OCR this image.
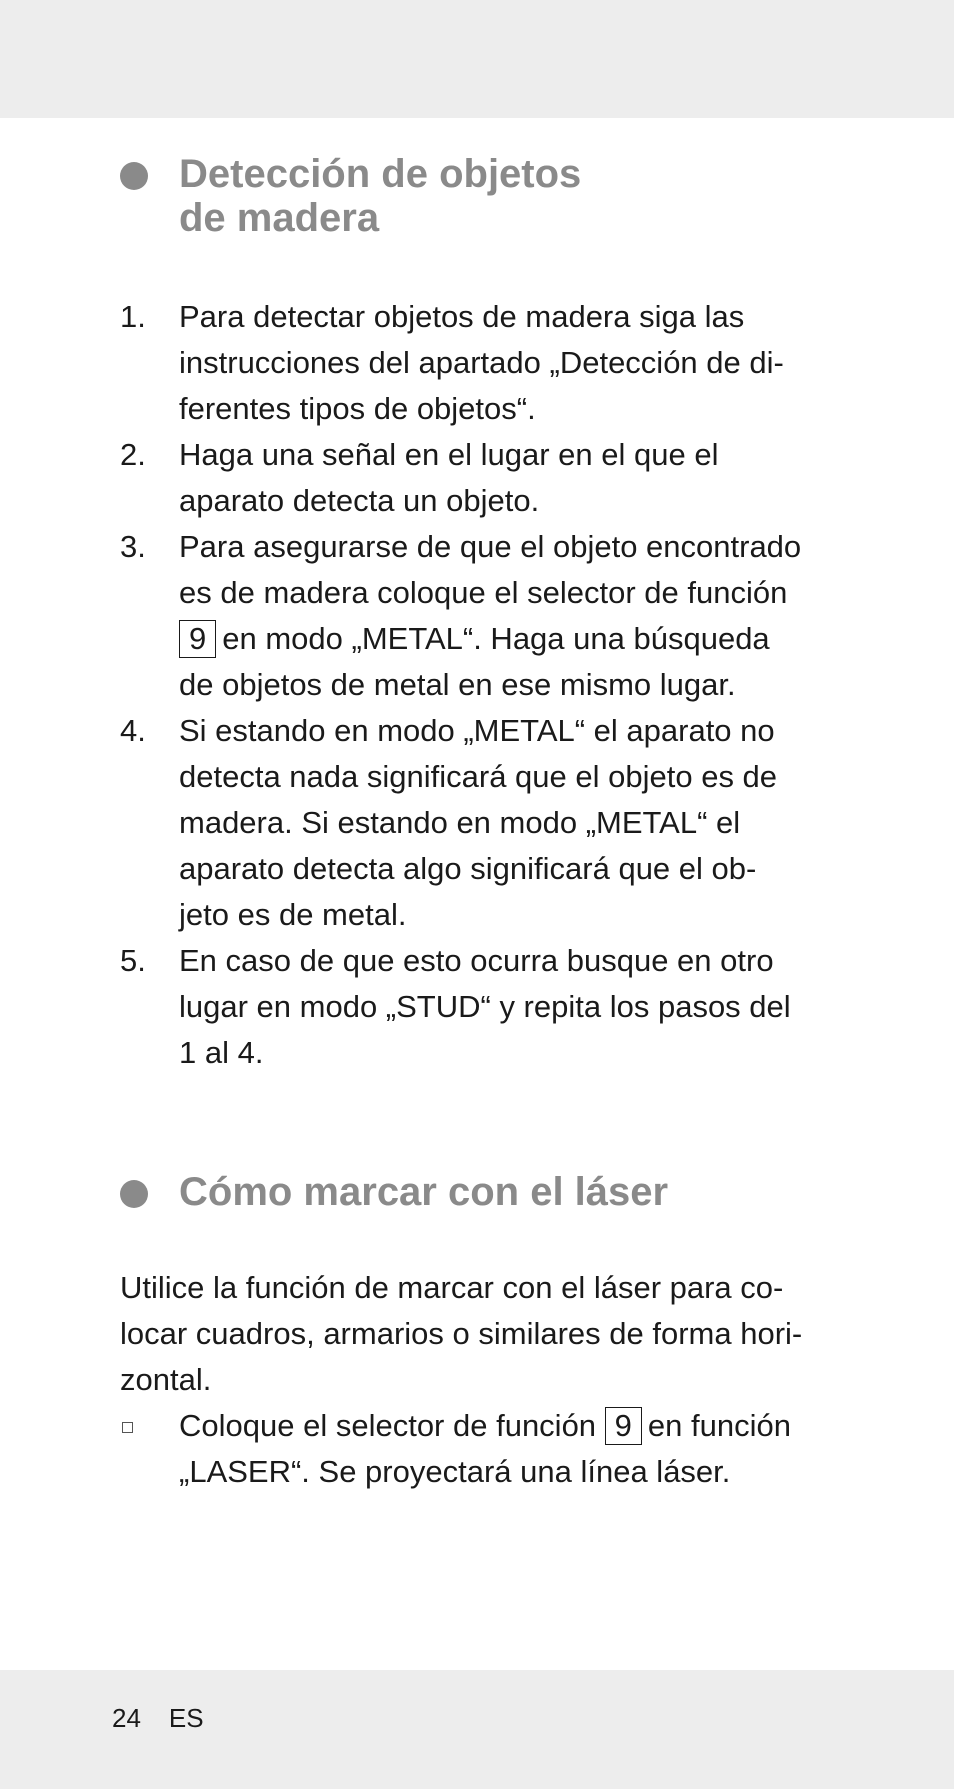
Detección de objetos
de madera
1. Para detectar objetos de madera siga las
instrucciones del apartado „Detección de di-
ferentes tipos de objetos“.
2. Haga una señal en el lugar en el que el
aparato detecta un objeto.
3. Para asegurarse de que el objeto encontrado
es de madera coloque el selector de función
9 en modo „METAL“. Haga una búsqueda
de objetos de metal en ese mismo lugar.
4. Si estando en modo „METAL“ el aparato no
detecta nada significará que el objeto es de
madera. Si estando en modo „METAL“ el
aparato detecta algo significará que el ob-
jeto es de metal.
5. En caso de que esto ocurra busque en otro
lugar en modo „STUD“ y repita los pasos del
1 al 4.
Cómo marcar con el láser
Utilice la función de marcar con el láser para co-
locar cuadros, armarios o similares de forma hori-
zontal.
Coloque el selector de función 9 en función
„LASER“. Se proyectará una línea láser.
24 ES
